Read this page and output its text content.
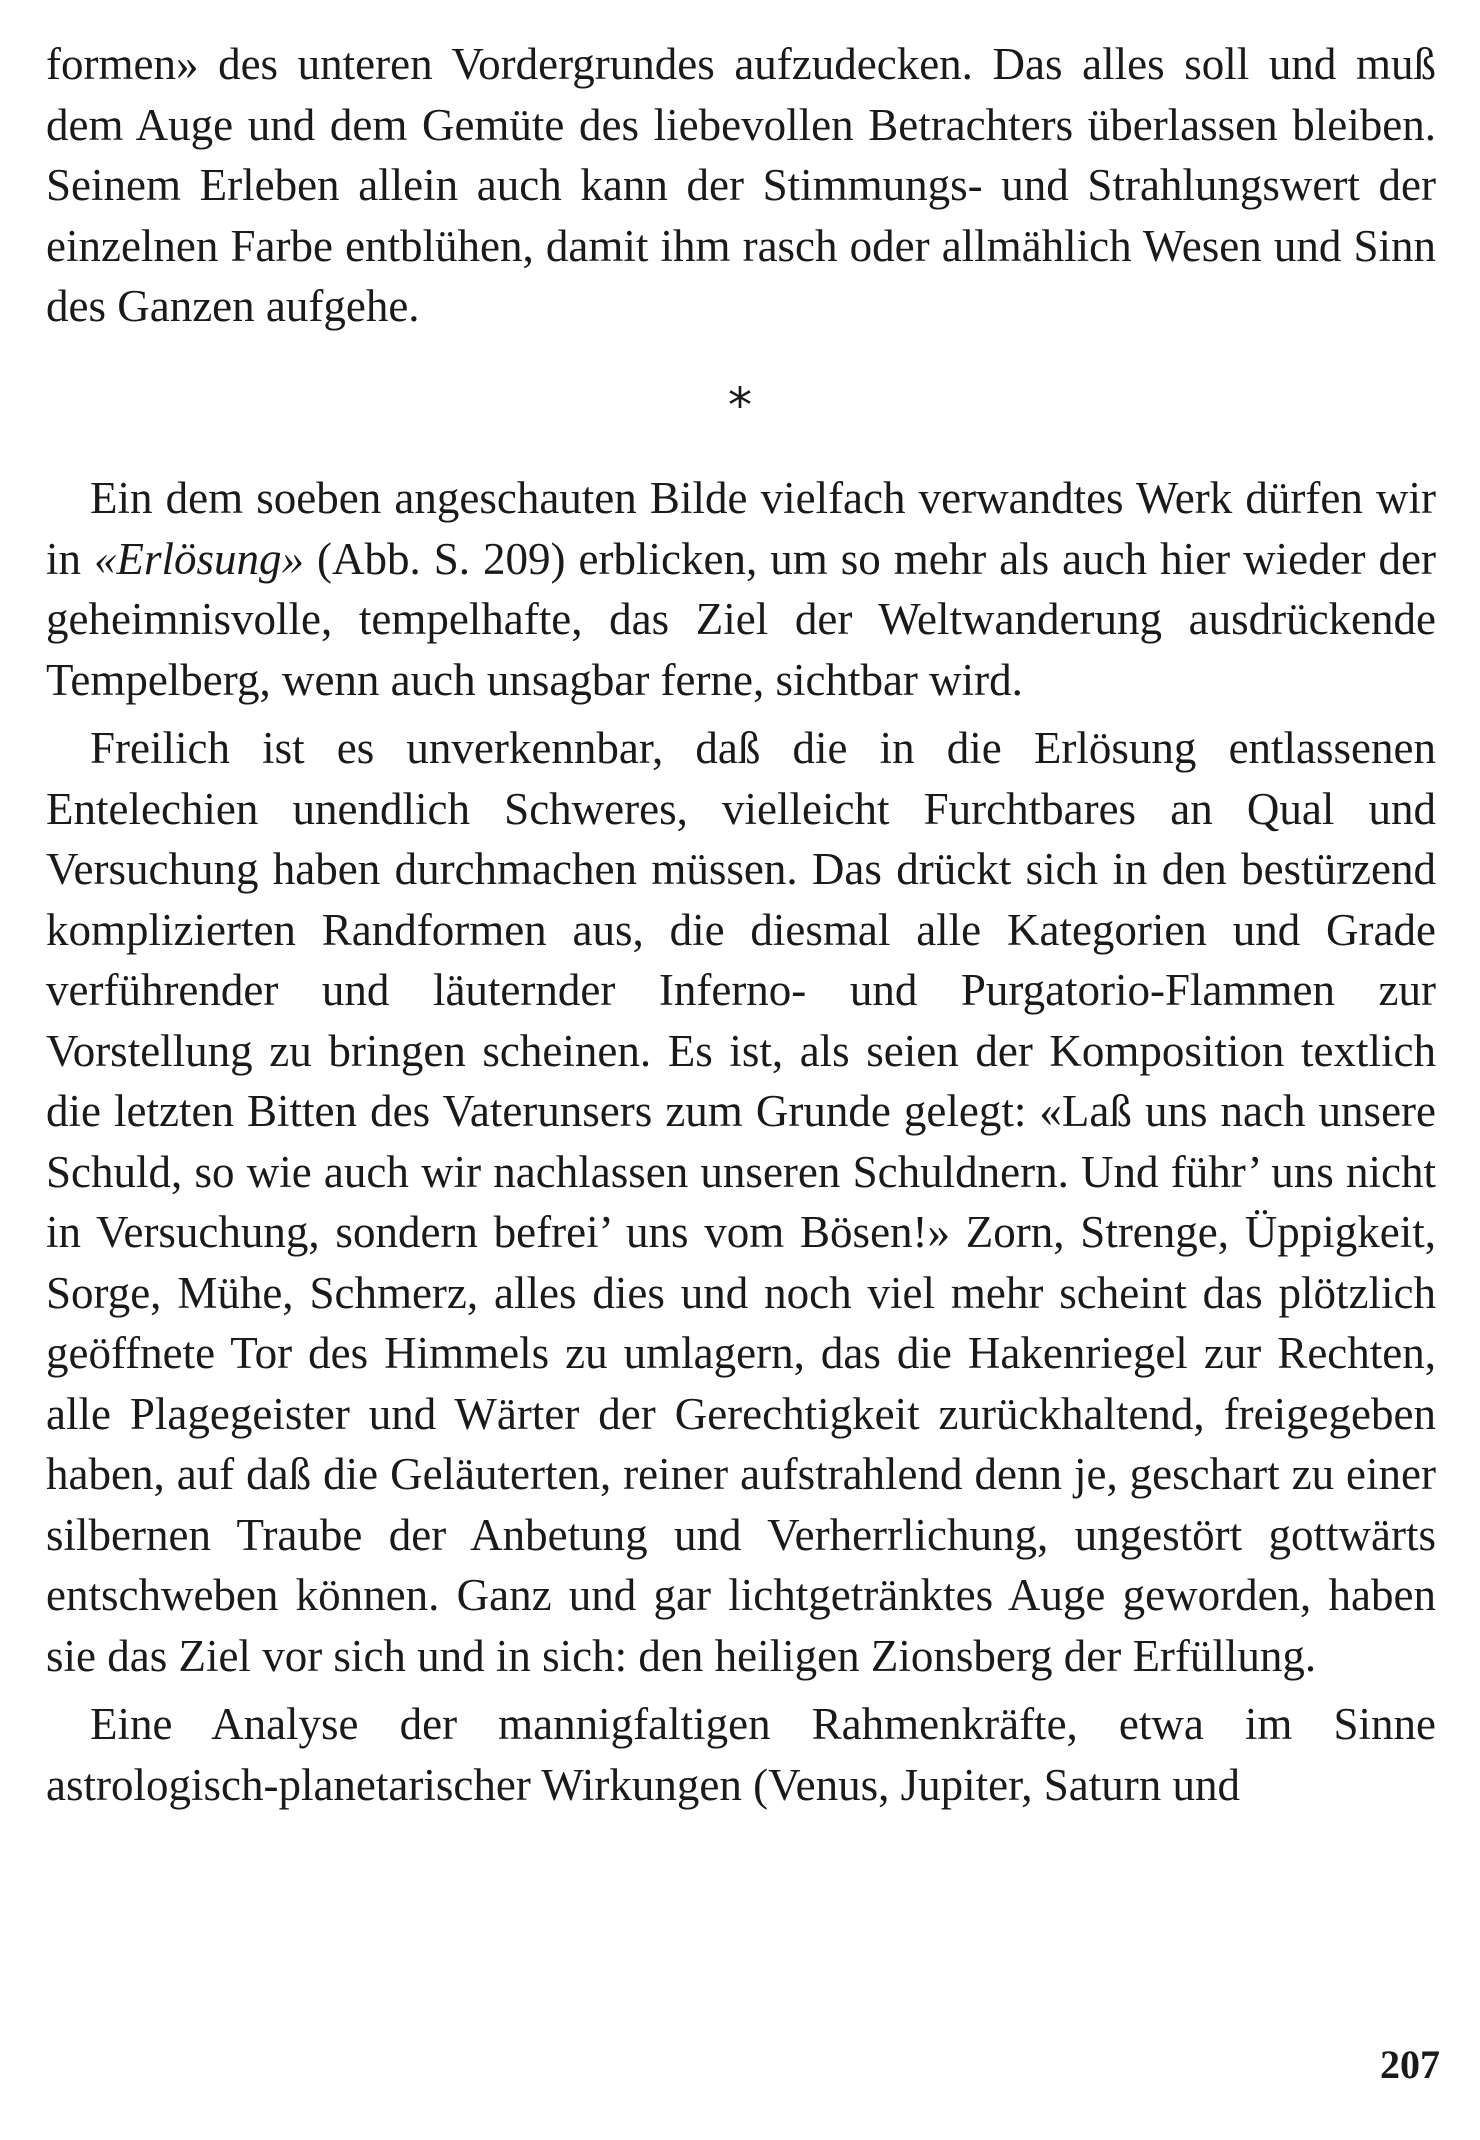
formen» des unteren Vordergrundes aufzudecken. Das alles soll und muß dem Auge und dem Gemüte des liebevollen Betrachters überlassen bleiben. Seinem Erleben allein auch kann der Stimmungs- und Strahlungswert der einzelnen Farbe entblühen, damit ihm rasch oder allmählich Wesen und Sinn des Ganzen aufgehe.

*

Ein dem soeben angeschauten Bilde vielfach verwandtes Werk dürfen wir in «Erlösung» (Abb. S. 209) erblicken, um so mehr als auch hier wieder der geheimnisvolle, tempelhafte, das Ziel der Weltwanderung ausdrückende Tempelberg, wenn auch unsagbar ferne, sichtbar wird.

Freilich ist es unverkennbar, daß die in die Erlösung entlassenen Entelechien unendlich Schweres, vielleicht Furchtbares an Qual und Versuchung haben durchmachen müssen. Das drückt sich in den bestürzend komplizierten Randformen aus, die diesmal alle Kategorien und Grade verführender und läuternder Inferno- und Purgatorio-Flammen zur Vorstellung zu bringen scheinen. Es ist, als seien der Komposition textlich die letzten Bitten des Vaterunsers zum Grunde gelegt: «Laß uns nach unsere Schuld, so wie auch wir nachlassen unseren Schuldnern. Und führ’ uns nicht in Versuchung, sondern befrei’ uns vom Bösen!» Zorn, Strenge, Üppigkeit, Sorge, Mühe, Schmerz, alles dies und noch viel mehr scheint das plötzlich geöffnete Tor des Himmels zu umlagern, das die Hakenriegel zur Rechten, alle Plagegeister und Wärter der Gerechtigkeit zurückhaltend, freigegeben haben, auf daß die Geläuterten, reiner aufstrahlend denn je, geschart zu einer silbernen Traube der Anbetung und Verherrlichung, ungestört gottwärts entschweben können. Ganz und gar lichtgetränktes Auge geworden, haben sie das Ziel vor sich und in sich: den heiligen Zionsberg der Erfüllung.

Eine Analyse der mannigfaltigen Rahmenkräfte, etwa im Sinne astrologisch-planetarischer Wirkungen (Venus, Jupiter, Saturn und

207
